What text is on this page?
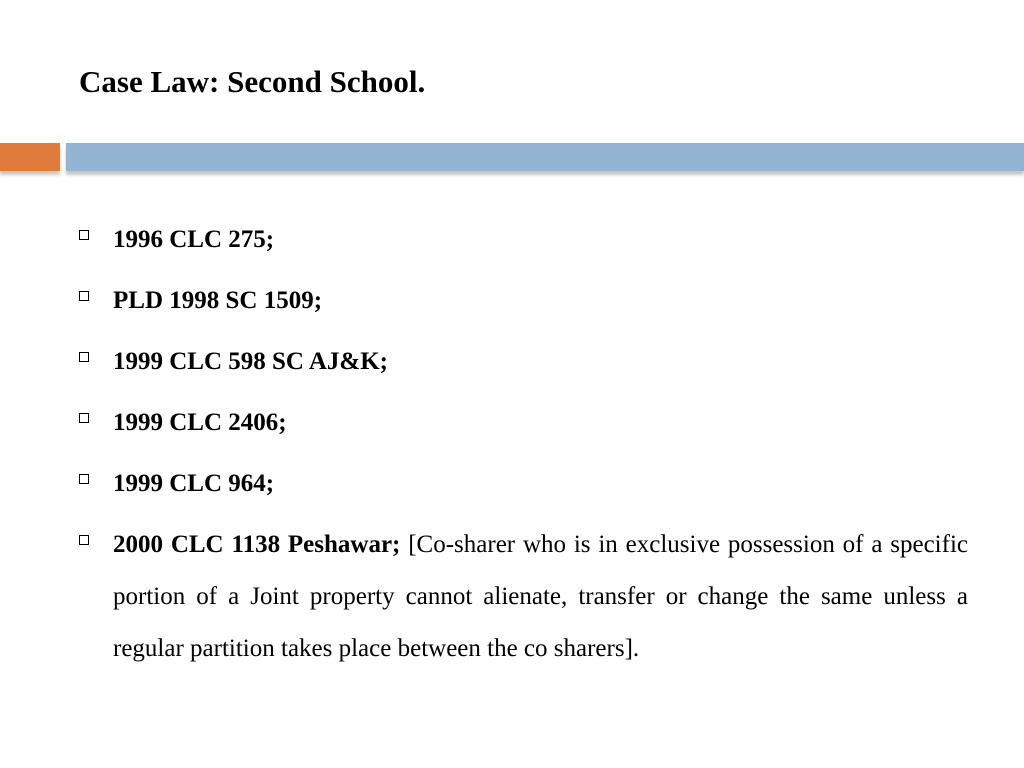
Case Law: Second School.
1996 CLC 275;
PLD 1998 SC 1509;
1999 CLC 598 SC AJ&K;
1999 CLC 2406;
1999 CLC 964;
2000 CLC 1138 Peshawar; [Co-sharer who is in exclusive possession of a specific portion of a Joint property cannot alienate, transfer or change the same unless a regular partition takes place between the co sharers].
